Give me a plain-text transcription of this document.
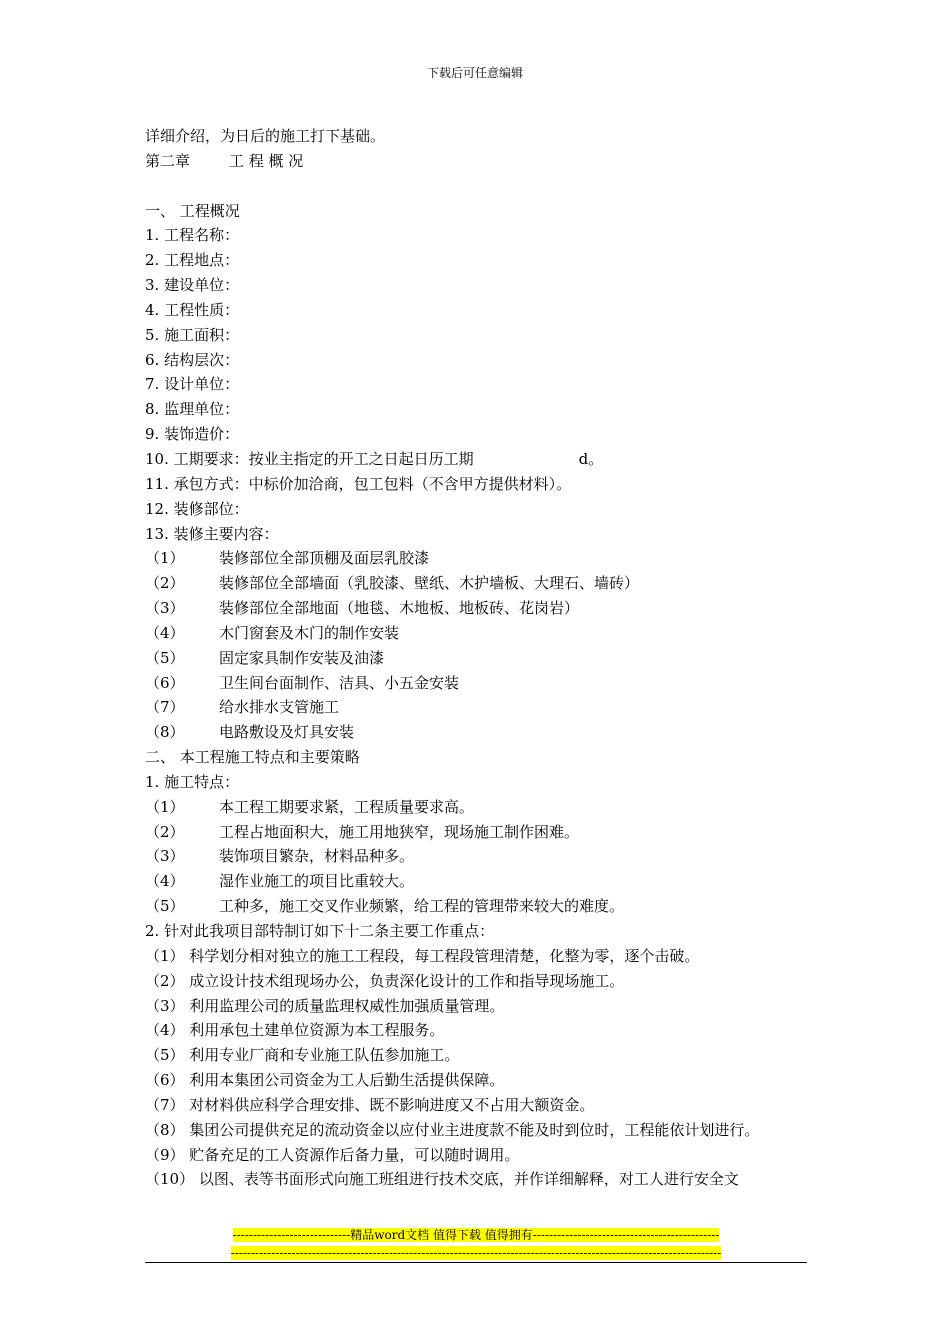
下载后可任意编辑
详细介绍，为日后的施工打下基础。
第二章	工 程 概 况
一、 工程概况
1. 工程名称：
2. 工程地点：
3. 建设单位：
4. 工程性质：
5. 施工面积：
6. 结构层次：
7. 设计单位：
8. 监理单位：
9. 装饰造价：
10. 工期要求：按业主指定的开工之日起日历工期	d。
11. 承包方式：中标价加洽商，包工包料（不含甲方提供材料）。
12. 装修部位：
13. 装修主要内容：
（1） 装修部位全部顶棚及面层乳胶漆
（2） 装修部位全部墙面（乳胶漆、壁纸、木护墙板、大理石、墙砖）
（3） 装修部位全部地面（地毯、木地板、地板砖、花岗岩）
（4） 木门窗套及木门的制作安装
（5） 固定家具制作安装及油漆
（6） 卫生间台面制作、洁具、小五金安装
（7） 给水排水支管施工
（8） 电路敷设及灯具安装
二、 本工程施工特点和主要策略
1. 施工特点：
（1） 本工程工期要求紧，工程质量要求高。
（2） 工程占地面积大，施工用地狭窄，现场施工制作困难。
（3） 装饰项目繁杂，材料品种多。
（4） 湿作业施工的项目比重较大。
（5） 工种多，施工交叉作业频繁，给工程的管理带来较大的难度。
2. 针对此我项目部特制订如下十二条主要工作重点：
（1） 科学划分相对独立的施工工程段，每工程段管理清楚，化整为零，逐个击破。
（2） 成立设计技术组现场办公，负责深化设计的工作和指导现场施工。
（3） 利用监理公司的质量监理权威性加强质量管理。
（4） 利用承包土建单位资源为本工程服务。
（5） 利用专业厂商和专业施工队伍参加施工。
（6） 利用本集团公司资金为工人后勤生活提供保障。
（7） 对材料供应科学合理安排、既不影响进度又不占用大额资金。
（8） 集团公司提供充足的流动资金以应付业主进度款不能及时到位时，工程能依计划进行。
（9） 贮备充足的工人资源作后备力量，可以随时调用。
（10） 以图、表等书面形式向施工班组进行技术交底，并作详细解释，对工人进行安全文
-----------------------------精品word文档 值得下载 值得拥有----------------------------------------------
-------------------------------------------------------------------------------------------------------------------------
